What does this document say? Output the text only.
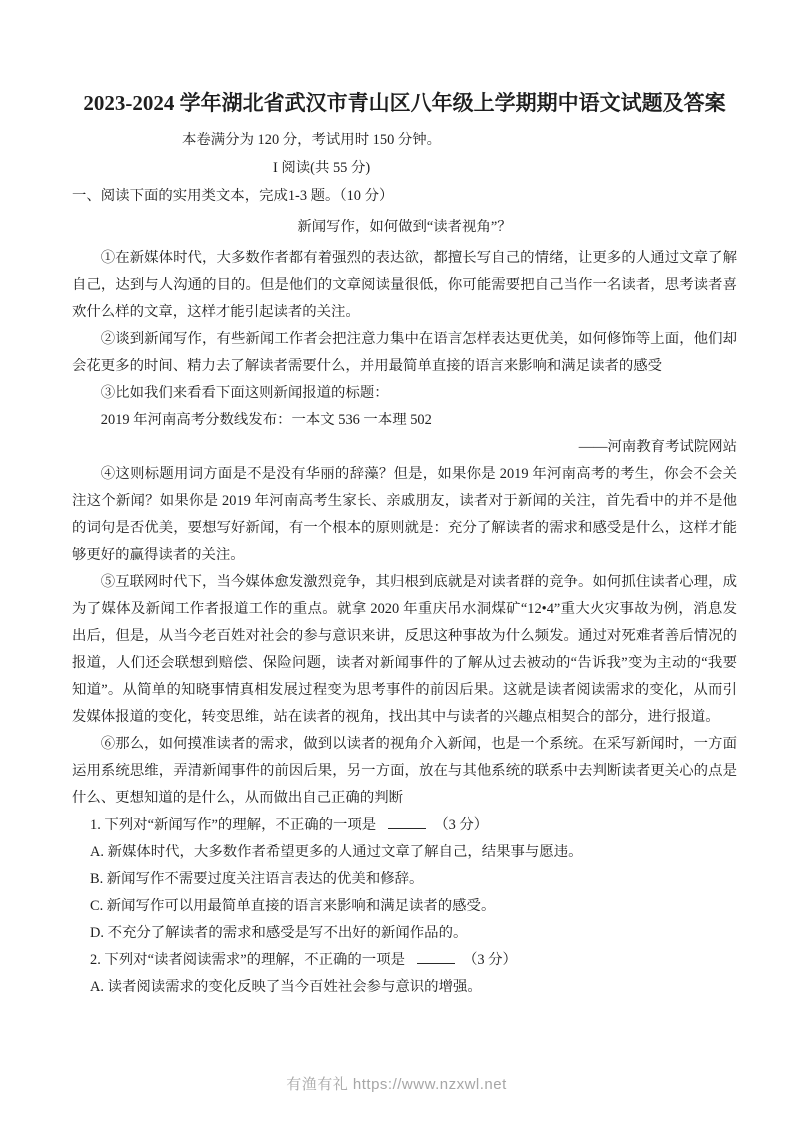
2023-2024 学年湖北省武汉市青山区八年级上学期期中语文试题及答案
本卷满分为 120 分，考试用时 150 分钟。
I 阅读(共 55 分)
一、阅读下面的实用类文本，完成1-3 题。（10 分）
新闻写作，如何做到“读者视角”？

①在新媒体时代，大多数作者都有着强烈的表达欲，都擅长写自己的情绪，让更多的人通过文章了解自己，达到与人沟通的目的。但是他们的文章阅读量很低，你可能需要把自己当作一名读者，思考读者喜欢什么样的文章，这样才能引起读者的关注。

②谈到新闻写作，有些新闻工作者会把注意力集中在语言怎样表达更优美，如何修饰等上面，他们却会花更多的时间、精力去了解读者需要什么，并用最简单直接的语言来影响和满足读者的感受

③比如我们来看看下面这则新闻报道的标题：

2019 年河南高考分数线发布：一本文 536 一本理 502

——河南教育考试院网站

④这则标题用词方面是不是没有华丽的辞藻？但是，如果你是 2019 年河南高考的考生，你会不会关注这个新闻？如果你是 2019 年河南高考生家长、亲戚朋友，读者对于新闻的关注，首先看中的并不是他的词句是否优美，要想写好新闻，有一个根本的原则就是：充分了解读者的需求和感受是什么，这样才能够更好的赢得读者的关注。

⑤互联网时代下，当今媒体愈发激烈竞争，其归根到底就是对读者群的竞争。如何抓住读者心理，成为了媒体及新闻工作者报道工作的重点。就拿 2020 年重庆吊水洞煤矿“12•4”重大火灾事故为例，消息发出后，但是，从当今老百姓对社会的参与意识来讲，反思这种事故为什么频发。通过对死难者善后情况的报道，人们还会联想到赔偿、保险问题，读者对新闻事件的了解从过去被动的“告诉我”变为主动的“我要知道”。从简单的知晓事情真相发展过程变为思考事件的前因后果。这就是读者阅读需求的变化，从而引发媒体报道的变化，转变思维，站在读者的视角，找出其中与读者的兴趣点相契合的部分，进行报道。

⑥那么，如何摸准读者的需求，做到以读者的视角介入新闻，也是一个系统。在采写新闻时，一方面运用系统思维，弄清新闻事件的前因后果，另一方面，放在与其他系统的联系中去判断读者更关心的点是什么、更想知道的是什么，从而做出自己正确的判断

1. 下列对“新闻写作”的理解，不正确的一项是	（3 分）

A. 新媒体时代，大多数作者希望更多的人通过文章了解自己，结果事与愿违。

B. 新闻写作不需要过度关注语言表达的优美和修辞。

C. 新闻写作可以用最简单直接的语言来影响和满足读者的感受。

D. 不充分了解读者的需求和感受是写不出好的新闻作品的。

2. 下列对“读者阅读需求”的理解，不正确的一项是	（3 分）

A. 读者阅读需求的变化反映了当今百姓社会参与意识的增强。

有渔有礼 https://www.nzxwl.net
